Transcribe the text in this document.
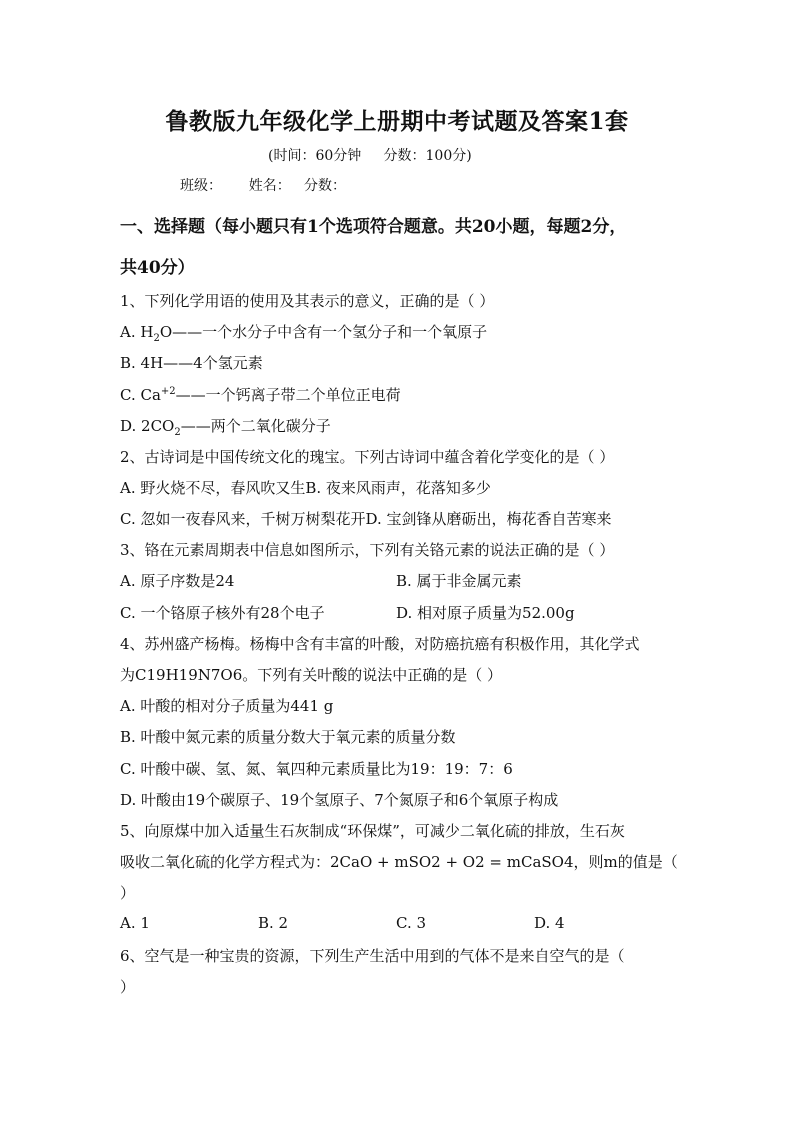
鲁教版九年级化学上册期中考试题及答案1套
(时间：60分钟     分数：100分)
班级：      姓名：   分数：
一、选择题（每小题只有1个选项符合题意。共20小题，每题2分，
共40分）
1、下列化学用语的使用及其表示的意义，正确的是（ ）
A. $H_2O——$一个水分子中含有一个氢分子和一个氧原子
B. 4H——4个氢元素
C. $Ca^{+2}——$一个钙离子带二个单位正电荷
D. $2CO_2——$两个二氧化碳分子
2、古诗词是中国传统文化的瑰宝。下列古诗词中蕴含着化学变化的是（ ）
A. 野火烧不尽，春风吹又生B. 夜来风雨声，花落知多少
C. 忽如一夜春风来，千树万树梨花开D. 宝剑锋从磨砺出，梅花香自苦寒来
3、铬在元素周期表中信息如图所示，下列有关铬元素的说法正确的是（ ）
A. 原子序数是24	B. 属于非金属元素
C. 一个铬原子核外有28个电子	D. 相对原子质量为52.00g
4、苏州盛产杨梅。杨梅中含有丰富的叶酸，对防癌抗癌有积极作用，其化学式
为C19H19N7O6。下列有关叶酸的说法中正确的是（ ）
A. 叶酸的相对分子质量为441 g
B. 叶酸中氮元素的质量分数大于氧元素的质量分数
C. 叶酸中碳、氢、氮、氧四种元素质量比为19：19：7：6
D. 叶酸由19个碳原子、19个氢原子、7个氮原子和6个氧原子构成
5、向原煤中加入适量生石灰制成“环保煤”，可减少二氧化硫的排放，生石灰
吸收二氧化硫的化学方程式为：2CaO + mSO2 + O2 = mCaSO4，则m的值是（
）
A. 1	B. 2	C. 3	D. 4
6、空气是一种宝贵的资源，下列生产生活中用到的气体不是来自空气的是（
）
